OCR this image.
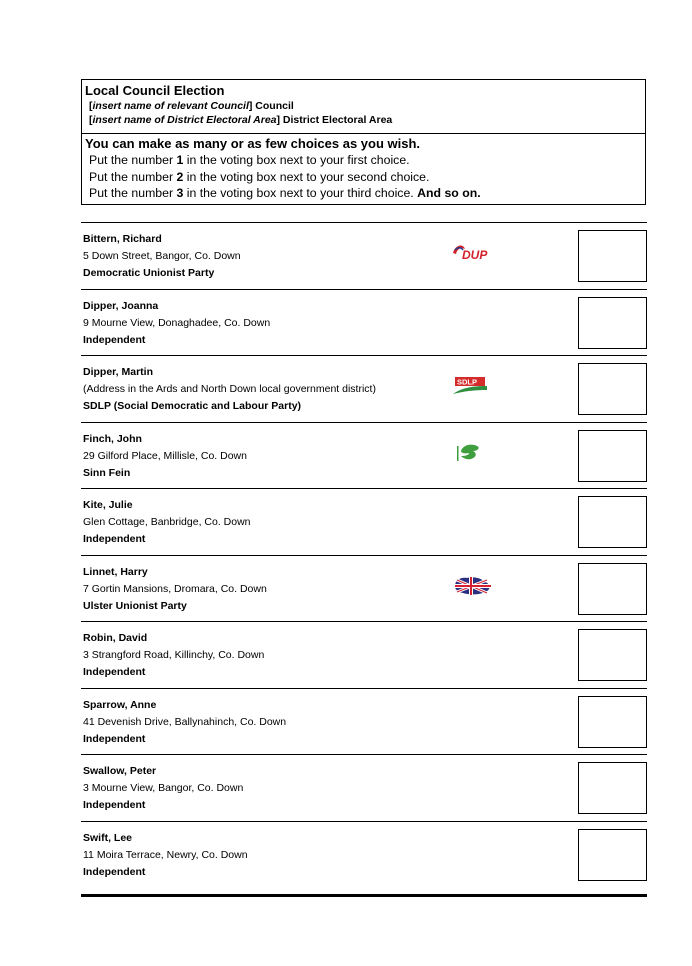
Local Council Election
[insert name of relevant Council] Council
[insert name of District Electoral Area] District Electoral Area
You can make as many or as few choices as you wish.
Put the number 1 in the voting box next to your first choice.
Put the number 2 in the voting box next to your second choice.
Put the number 3 in the voting box next to your third choice. And so on.
Bittern, Richard
5 Down Street, Bangor, Co. Down
Democratic Unionist Party
DUP
Dipper, Joanna
9 Mourne View, Donaghadee, Co. Down
Independent
Dipper, Martin
(Address in the Ards and North Down local government district)
SDLP (Social Democratic and Labour Party)
SDLP
Finch, John
29 Gilford Place, Millisle, Co. Down
Sinn Fein
Kite, Julie
Glen Cottage, Banbridge, Co. Down
Independent
Linnet, Harry
7 Gortin Mansions, Dromara, Co. Down
Ulster Unionist Party
Robin, David
3 Strangford Road, Killinchy, Co. Down
Independent
Sparrow, Anne
41 Devenish Drive, Ballynahinch, Co. Down
Independent
Swallow, Peter
3 Mourne View, Bangor, Co. Down
Independent
Swift, Lee
11 Moira Terrace, Newry, Co. Down
Independent
